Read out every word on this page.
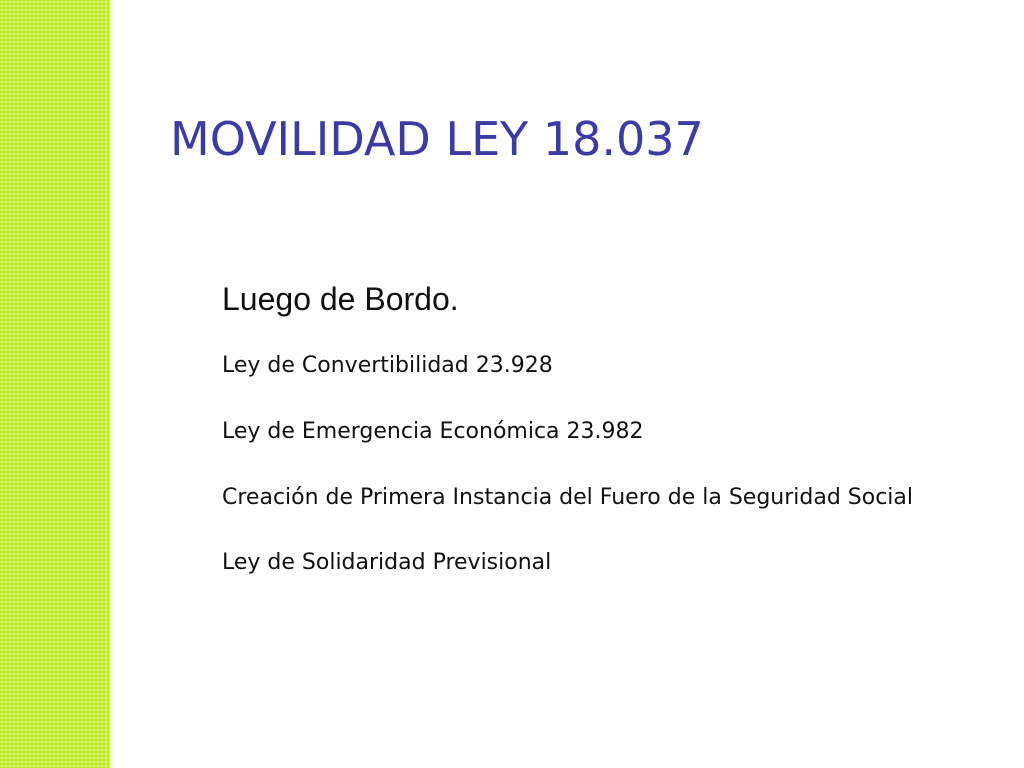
MOVILIDAD LEY 18.037

Luego de Bordo.

Ley de Convertibilidad 23.928

Ley de Emergencia Económica 23.982

Creación de Primera Instancia del Fuero de la Seguridad Social

Ley de Solidaridad Previsional
